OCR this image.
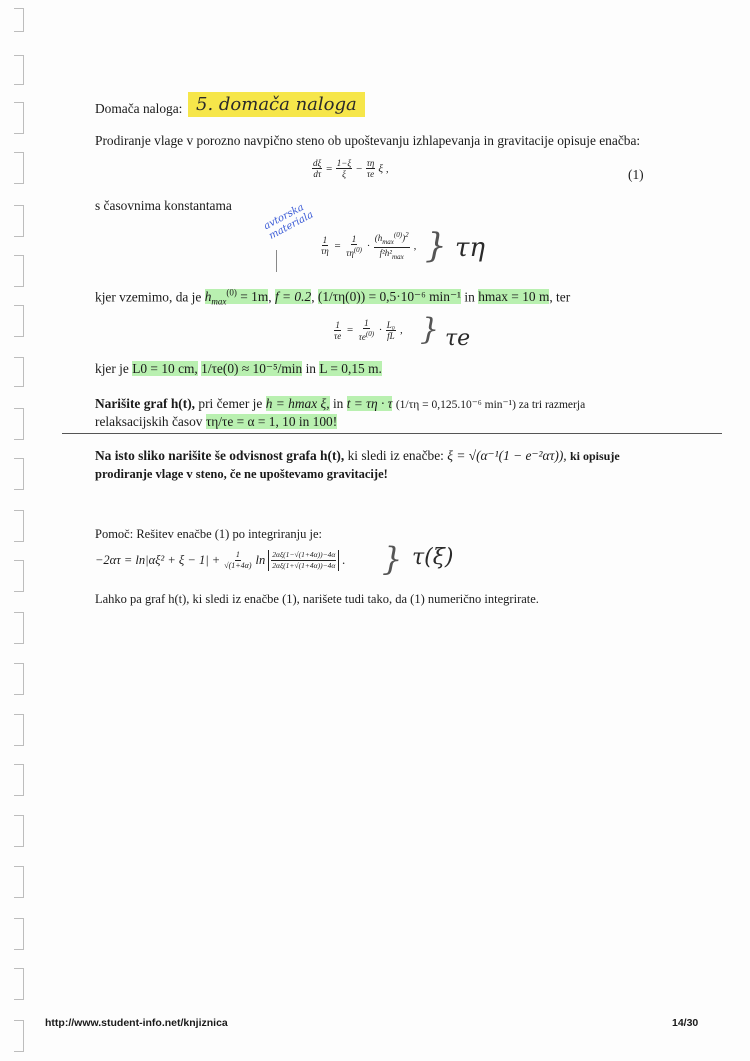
Domača naloga: 5. domača naloga
Prodiranje vlage v porozno navpično steno ob upoštevanju izhlapevanja in gravitacije opisuje enačba:
$\frac{d\xi}{d\tau} = \frac{1-\xi}{\xi} - \frac{\tau\eta}{\tau e}$ ξ ,	(1)
s časovnima konstantama	avtorska materiala
$\frac{1}{\tau\eta} = \frac{1}{\tau\eta^{(0)}} \cdot \frac{(h_{max}^{(0)})^2}{f^2h^2_{max}}$ , } τη
kjer vzemimo, da je $h_{max}^{(0)} = 1m$, f = 0.2, (1/τη(0)) = 0,5·10⁻⁶ min⁻¹ in hmax = 10 m, ter
$\frac{1}{\tau e} = \frac{1}{\tau e^{(0)}} \cdot \frac{\text{L₀}}{fL}$ , } τe
kjer je L0 = 10 cm, 1/τe(0) ≈ 10⁻⁵/min in L = 0,15 m.
Narišite graf h(t), pri čemer je h = hmax ξ, in t = τη · τ (1/τη = 0,125.10⁻⁶ min⁻¹) za tri razmerja
relaksacijskih časov τη/τe = α = 1, 10 in 100!
Na isto sliko narišite še odvisnost grafa h(t), ki sledi iz enačbe: ξ = √(α⁻¹(1 − e⁻²ατ)), ki opisuje
prodiranje vlage v steno, če ne upoštevamo gravitacije!
Pomoč: Rešitev enačbe (1) po integriranju je:
$-2\alpha\tau = \ln|\alpha\xi^2 + \xi - 1| + \frac{1}{√(1+4\alpha)}$ $\ln \frac{2\alpha\xi(1-√(1+4\alpha))-4\alpha}{2\alpha\xi(1+√(1+4\alpha))-4\alpha}$ . } τ(ξ)
Lahko pa graf h(t), ki sledi iz enačbe (1), narišete tudi tako, da (1) numerično integrirate.
http://www.student-info.net/knjiznica	14/30
